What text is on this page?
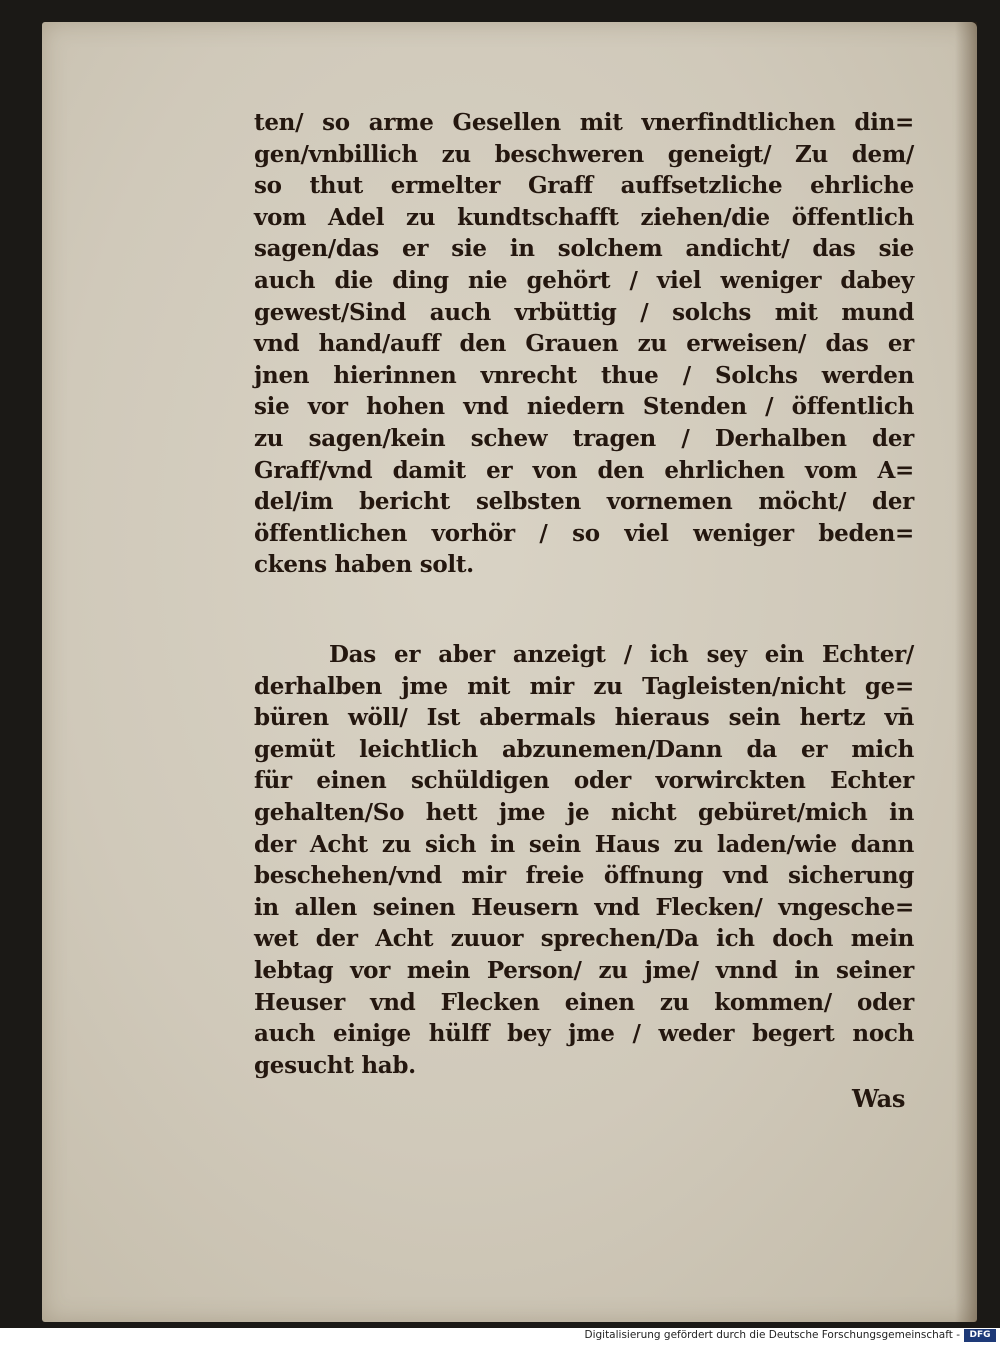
ten/ so arme Gesellen mit vnerfindtlichen din=

gen/vnbillich zu beschweren geneigt/ Zu dem/

so thut ermelter Graff auffsetzliche ehrliche

vom Adel zu kundtschafft ziehen/die öffentlich

sagen/das er sie in solchem andicht/ das sie

auch die ding nie gehört / viel weniger dabey

gewest/Sind auch vrbüttig / solchs mit mund

vnd hand/auff den Grauen zu erweisen/ das er

jnen hierinnen vnrecht thue / Solchs werden

sie vor hohen vnd niedern Stenden / öffentlich

zu sagen/kein schew tragen / Derhalben der

Graff/vnd damit er von den ehrlichen vom A=

del/im bericht selbsten vornemen möcht/ der

öffentlichen vorhör / so viel weniger beden=

ckens haben solt.

Das er aber anzeigt / ich sey ein Echter/

derhalben jme mit mir zu Tagleisten/nicht ge=

büren wöll/ Ist abermals hieraus sein hertz vn̄

gemüt leichtlich abzunemen/Dann da er mich

für einen schüldigen oder vorwirckten Echter

gehalten/So hett jme je nicht gebüret/mich in

der Acht zu sich in sein Haus zu laden/wie dann

beschehen/vnd mir freie öffnung vnd sicherung

in allen seinen Heusern vnd Flecken/ vngesche=

wet der Acht zuuor sprechen/Da ich doch mein

lebtag vor mein Person/ zu jme/ vnnd in seiner

Heuser vnd Flecken einen zu kommen/ oder

auch einige hülff bey jme / weder begert noch

gesucht hab.

Was
Digitalisierung gefördert durch die Deutsche Forschungsgemeinschaft -	DFG
